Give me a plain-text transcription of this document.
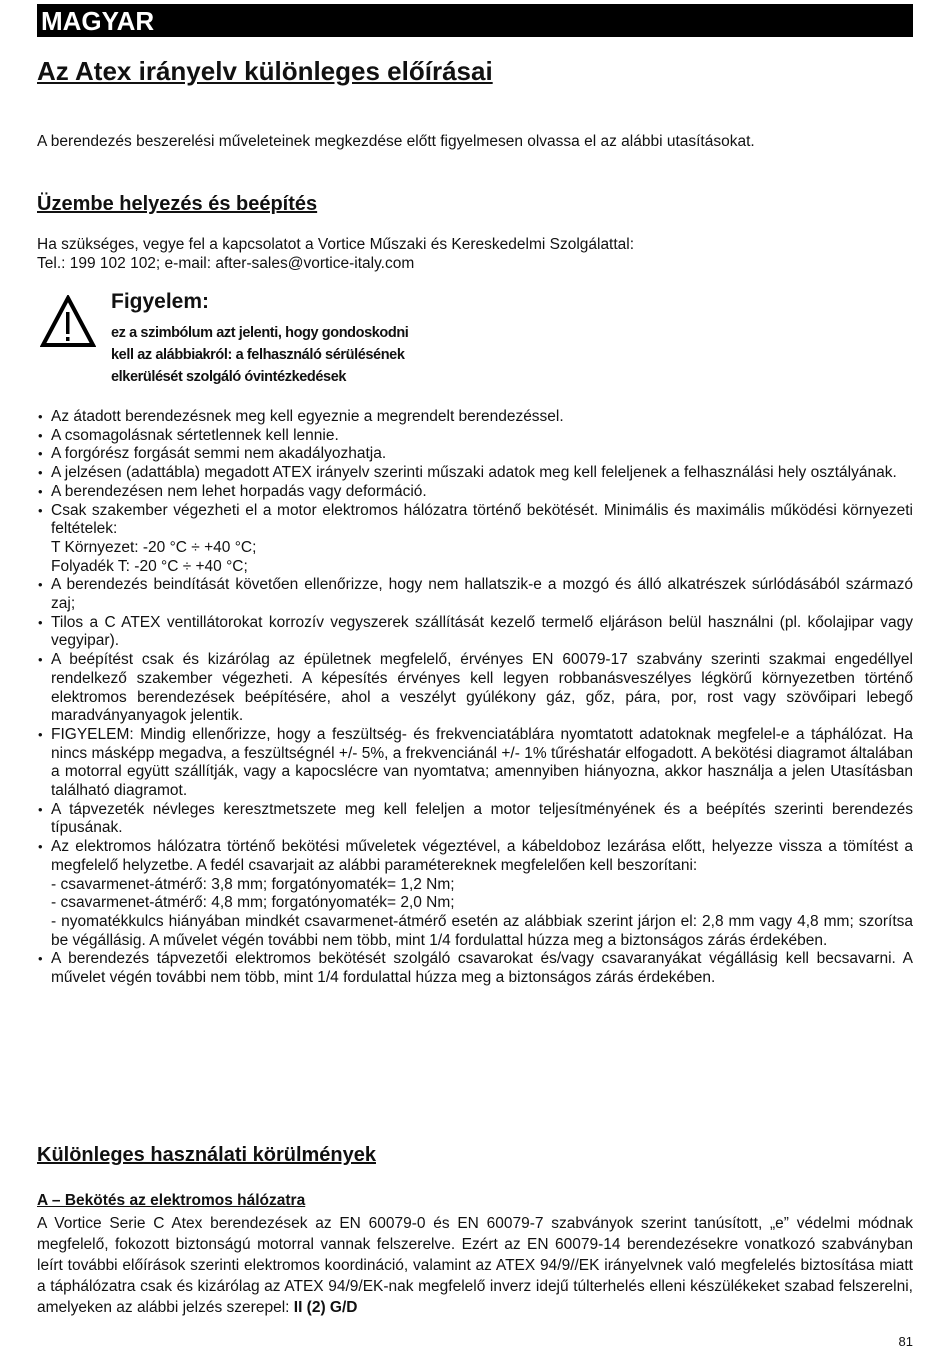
MAGYAR
Az Atex irányelv különleges előírásai

A berendezés beszerelési műveleteinek megkezdése előtt figyelmesen olvassa el az alábbi utasításokat.

Üzembe helyezés és beépítés
Ha szükséges, vegye fel a kapcsolatot a Vortice Műszaki és Kereskedelmi Szolgálattal:
Tel.: 199 102 102; e-mail: after-sales@vortice-italy.com
Figyelem:

ez a szimbólum azt jelenti, hogy gondoskodni
kell az alábbiakról: a felhasználó sérülésének
elkerülését szolgáló óvintézkedések

• Az átadott berendezésnek meg kell egyeznie a megrendelt berendezéssel.
• A csomagolásnak sértetlennek kell lennie.
• A forgórész forgását semmi nem akadályozhatja.
• A jelzésen (adattábla) megadott ATEX irányelv szerinti műszaki adatok meg kell feleljenek a felhasználási hely osztályának.
• A berendezésen nem lehet horpadás vagy deformáció.
• Csak szakember végezheti el a motor elektromos hálózatra történő bekötését. Minimális és maximális működési környezeti feltételek:
T Környezet: -20 °C ÷ +40 °C;
Folyadék T: -20 °C ÷ +40 °C;
• A berendezés beindítását követően ellenőrizze, hogy nem hallatszik-e a mozgó és álló alkatrészek súrlódásából származó zaj;
• Tilos a C ATEX ventillátorokat korrozív vegyszerek szállítását kezelő termelő eljáráson belül használni (pl. kőolajipar vagy vegyipar).
• A beépítést csak és kizárólag az épületnek megfelelő, érvényes EN 60079-17 szabvány szerinti szakmai engedéllyel rendelkező szakember végezheti. A képesítés érvényes kell legyen robbanásveszélyes légkörű környezetben történő elektromos berendezések beépítésére, ahol a veszélyt gyúlékony gáz, gőz, pára, por, rost vagy szövőipari lebegő maradványanyagok jelentik.
• FIGYELEM: Mindig ellenőrizze, hogy a feszültség- és frekvenciatáblára nyomtatott adatoknak megfelel-e a táphálózat. Ha nincs másképp megadva, a feszültségnél +/- 5%, a frekvenciánál +/- 1% tűréshatár elfogadott. A bekötési diagramot általában a motorral együtt szállítják, vagy a kapocslécre van nyomtatva; amennyiben hiányozna, akkor használja a jelen Utasításban található diagramot.
• A tápvezeték névleges keresztmetszete meg kell feleljen a motor teljesítményének és a beépítés szerinti berendezés típusának.
• Az elektromos hálózatra történő bekötési műveletek végeztével, a kábeldoboz lezárása előtt, helyezze vissza a tömítést a megfelelő helyzetbe. A fedél csavarjait az alábbi paramétereknek megfelelően kell beszorítani:
- csavarmenet-átmérő: 3,8 mm; forgatónyomaték= 1,2 Nm;
- csavarmenet-átmérő: 4,8 mm; forgatónyomaték= 2,0 Nm;
- nyomatékkulcs hiányában mindkét csavarmenet-átmérő esetén az alábbiak szerint járjon el: 2,8 mm vagy 4,8 mm; szorítsa be végállásig. A művelet végén további nem több, mint 1/4 fordulattal húzza meg a biztonságos zárás érdekében.
• A berendezés tápvezetői elektromos bekötését szolgáló csavarokat és/vagy csavaranyákat végállásig kell becsavarni. A művelet végén további nem több, mint 1/4 fordulattal húzza meg a biztonságos zárás érdekében.
Különleges használati körülmények
A – Bekötés az elektromos hálózatra

A Vortice Serie C Atex berendezések az EN 60079-0 és EN 60079-7 szabványok szerint tanúsított, „e” védelmi módnak megfelelő, fokozott biztonságú motorral vannak felszerelve. Ezért az EN 60079-14 berendezésekre vonatkozó szabványban leírt további előírások szerinti elektromos koordináció, valamint az ATEX 94/9//EK irányelvnek való megfelelés biztosítása miatt a táphálózatra csak és kizárólag az ATEX 94/9/EK-nak megfelelő inverz idejű túlterhelés elleni készülékeket szabad felszerelni, amelyeken az alábbi jelzés szerepel: II (2) G/D

81
